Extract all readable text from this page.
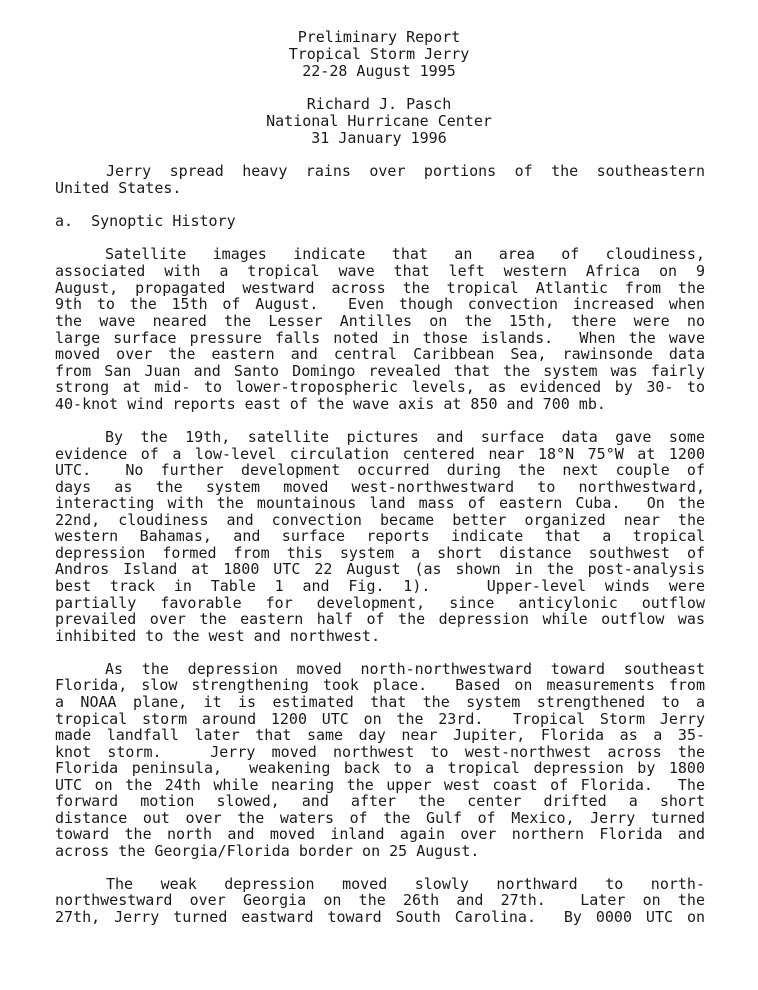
Preliminary Report
Tropical Storm Jerry
22-28 August 1995
Richard J. Pasch
National Hurricane Center
31 January 1996
Jerry spread heavy rains over portions of the southeastern
United States.
a.  Synoptic History
Satellite images indicate that an area of cloudiness,
associated with a tropical wave that left western Africa on 9
August, propagated westward across the tropical Atlantic from the
9th to the 15th of August.  Even though convection increased when
the wave neared the Lesser Antilles on the 15th, there were no
large surface pressure falls noted in those islands.  When the wave
moved over the eastern and central Caribbean Sea, rawinsonde data
from San Juan and Santo Domingo revealed that the system was fairly
strong at mid- to lower-tropospheric levels, as evidenced by 30- to
40-knot wind reports east of the wave axis at 850 and 700 mb.
By the 19th, satellite pictures and surface data gave some
evidence of a low-level circulation centered near 18°N 75°W at 1200
UTC.  No further development occurred during the next couple of
days as the system moved west-northwestward to northwestward,
interacting with the mountainous land mass of eastern Cuba.  On the
22nd, cloudiness and convection became better organized near the
western Bahamas, and surface reports indicate that a tropical
depression formed from this system a short distance southwest of
Andros Island at 1800 UTC 22 August (as shown in the post-analysis
best track in Table 1 and Fig. 1).   Upper-level winds were
partially favorable for development, since anticylonic outflow
prevailed over the eastern half of the depression while outflow was
inhibited to the west and northwest.
As the depression moved north-northwestward toward southeast
Florida, slow strengthening took place.  Based on measurements from
a NOAA plane, it is estimated that the system strengthened to a
tropical storm around 1200 UTC on the 23rd.  Tropical Storm Jerry
made landfall later that same day near Jupiter, Florida as a 35-
knot storm.   Jerry moved northwest to west-northwest across the
Florida peninsula,  weakening back to a tropical depression by 1800
UTC on the 24th while nearing the upper west coast of Florida.  The
forward motion slowed, and after the center drifted a short
distance out over the waters of the Gulf of Mexico, Jerry turned
toward the north and moved inland again over northern Florida and
across the Georgia/Florida border on 25 August.
The weak depression moved slowly northward to north-
northwestward over Georgia on the 26th and 27th.  Later on the
27th, Jerry turned eastward toward South Carolina.  By 0000 UTC on
